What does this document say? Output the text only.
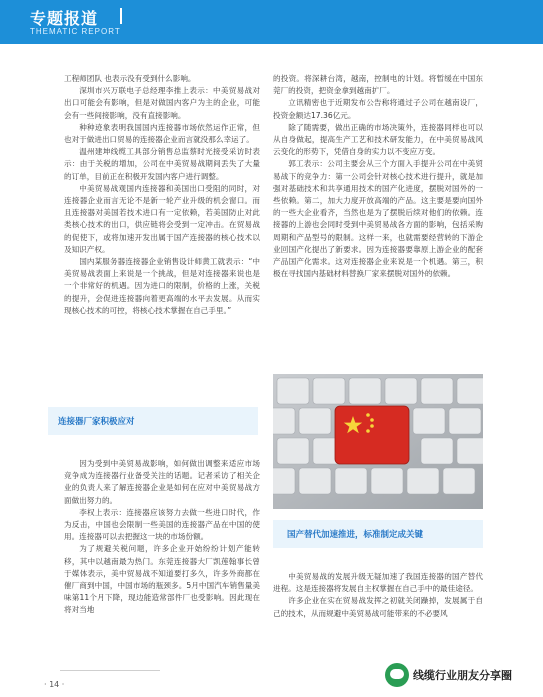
专题报道
THEMATIC REPORT

工程师团队 也表示没有受到什么影响。

深圳市兴万联电子总经理李推上表示：中美贸易战对出口可能会有影响，但是对做国内客户为主的企业，可能会有一些间接影响，没有直接影响。

种种迹象表明我国国内连接器市场依然运作正常，但也对于做进出口贸易的连接器企业而言就没那么幸运了。

温州建坤线缆工具部分销售总监蔡时光接受采访时表示：由于关税的增加，公司在中美贸易战期间丢失了大量的订单，目前正在积极开发国内客户进行调整。

中美贸易战观国内连接器和美国出口受阻的同时，对连接器企业而言无论不是新一轮产业升级的机会窗口。而且连接器对美国若技术进口有一定依赖，若美国防止对此类核心技术的出口，供应链将会受到一定冲击。在贸易战的促使下，或将加速开发出属于国产连接器的核心技术以及知识产权。

国内某服务器连接器企业销售设计师黄工就表示：“中美贸易战表面上来说是一个挑战，但是对连接器来说也是一个非常好的机遇。因为进口的限制，价格的上涨，关税的提升，会促进连接器向着更高端的水平去发展。从而实现核心技术的可控，将核心技术掌握在自己手里。”

连接器厂家积极应对

因为受到中美贸易战影响，如何做出调整来适应市场竞争成为连接器行业备受关注的话题。记者采访了相关企业的负责人来了解连接器企业是如何在应对中美贸易战方面做出努力的。

李权上表示：连接器应该努力去做一些进口时代，作为反击，中国也会限制一些美国的连接器产品在中国的使用。连接器可以去把握这一块的市场份额。

为了规避关税问题，许多企业开始纷纷计划产能转移，其中以越南最为热门。东莞连接器大厂凯莲翰事长曾于媒体表示，美中贸易战不知道要打多久，许多外商都在催厂商到中国，中国市场的瓶颈多。5月中国汽车销售量美味第11个月下降，现边能造常部件厂也受影响。因此现在将对当地

的投资。将深耕台湾，越南，控制电的计划。将暂缓在中国东莞厂的投资，把资金拿到越南扩厂。

立讯精密也于近期发布公告称将通过子公司在越南设厂，投资金额达17.36亿元。

除了随需要，做出正确的市场决策外，连接器同样也可以从自身做起，提高生产工艺和技术研发能力，在中美贸易战风云变化的形势下，凭借自身的实力以不变应万变。

郭工表示：公司主要会从三个方面入手提升公司在中美贸易战下的竞争力：第一公司会针对核心技术进行提升，就是加强对基础技术和共享通用技术的国产化进度，摆脱对国外的一些依赖。第二，加大力度开放高端的产品。这主要是要向国外的一些大企业看齐，当然也是为了摆脱后续对他们的依赖。连接器的上游也会同时受到中美贸易战各方面的影响，包括采购周期和产品型号的限制。这样一来，也就需要经营转的下游企业回国产化提出了新要求。因为连接器要靠原上游企业的配套产品国产化需求。这对连接器企业来说是一个机遇。第三，积极在寻找国内基础材料替换厂家来摆脱对国外的依赖。

国产替代加速推进，标准制定成关键

中美贸易战的发展升级无疑加速了我国连接器的国产替代进程。这是连接器将发展自主权掌握在自己手中的最佳途径。

许多企业在实在贸易战发挥之初就关闭躁掉，发展属于自己的技术，从而规避中美贸易战可能带来的不必要风

· 14 ·
线缆行业朋友分享圈
